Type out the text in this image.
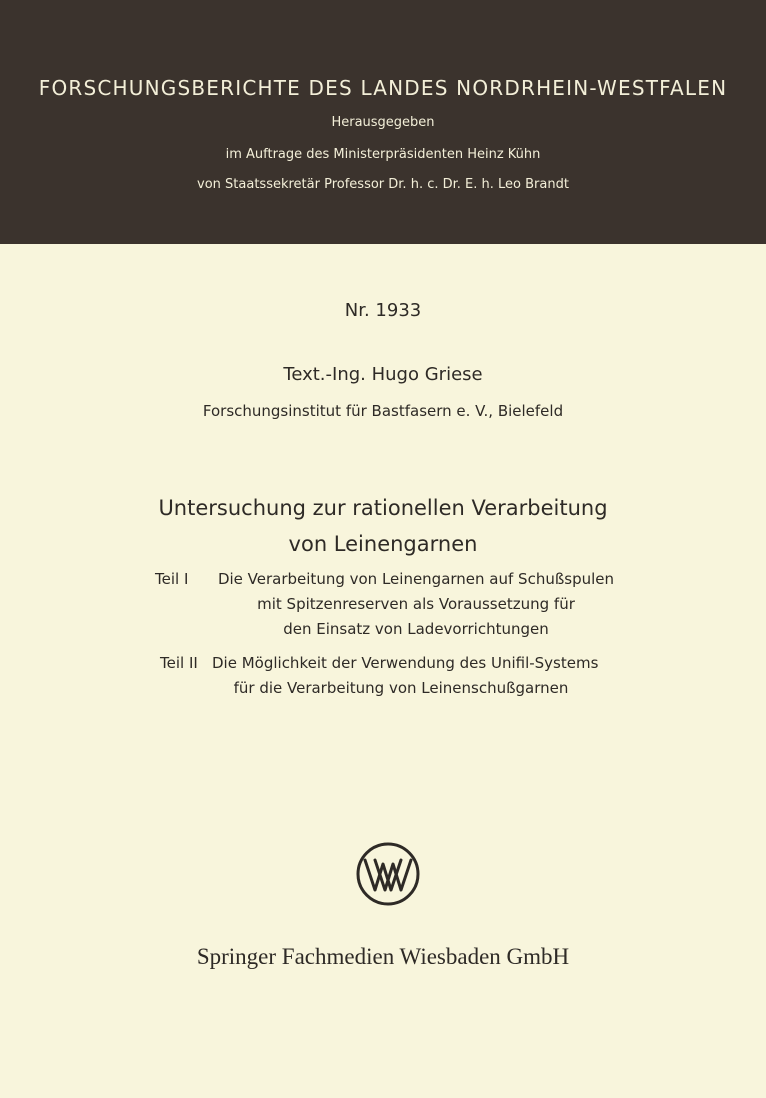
FORSCHUNGSBERICHTE DES LANDES NORDRHEIN-WESTFALEN
Herausgegeben
im Auftrage des Ministerpräsidenten Heinz Kühn
von Staatssekretär Professor Dr. h. c. Dr. E. h. Leo Brandt
Nr. 1933
Text.-Ing. Hugo Griese
Forschungsinstitut für Bastfasern e. V., Bielefeld
Untersuchung zur rationellen Verarbeitung
von Leinengarnen
Teil I	Die Verarbeitung von Leinengarnen auf Schußspulen
mit Spitzenreserven als Voraussetzung für
den Einsatz von Ladevorrichtungen
Teil II Die Möglichkeit der Verwendung des Unifil-Systems
für die Verarbeitung von Leinenschußgarnen
Springer Fachmedien Wiesbaden GmbH
